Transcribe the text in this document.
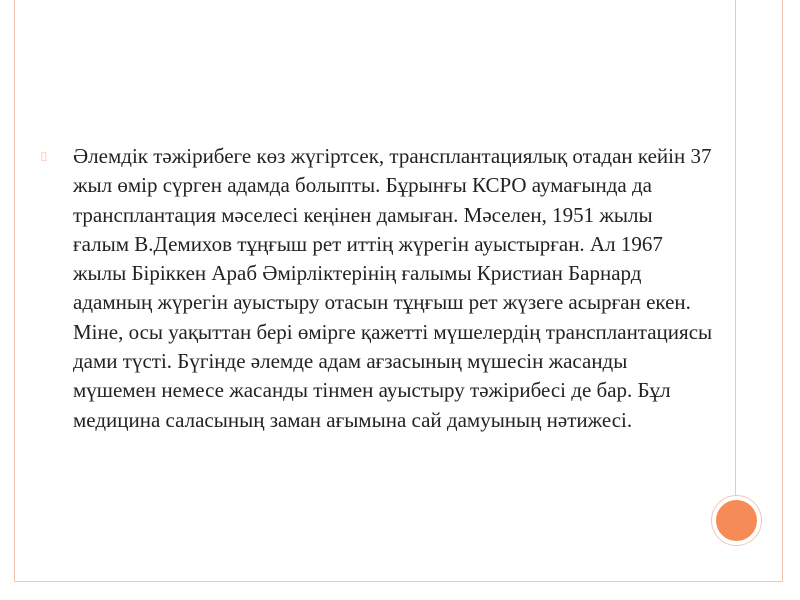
⌷	Әлемдік тәжірибеге көз жүгіртсек, трансплантациялық отадан кейін 37 жыл өмір сүрген адамда болыпты. Бұрынғы КСРО аумағында да трансплантация мәселесі кеңінен дамыған. Мәселен, 1951 жылы ғалым В.Демихов тұңғыш рет иттің жүрегін ауыстырған. Ал 1967 жылы Біріккен Араб Әмірліктерінің ғалымы Кристиан Барнард адамның жүрегін ауыстыру отасын тұңғыш рет жүзеге асырған екен. Міне, осы уақыттан бері өмірге қажетті мүшелердің трансплантациясы дами түсті. Бүгінде әлемде адам ағзасының мүшесін жасанды мүшемен немесе жасанды тінмен ауыстыру тәжірибесі де бар. Бұл медицина саласының заман ағымына сай дамуының нәтижесі.
